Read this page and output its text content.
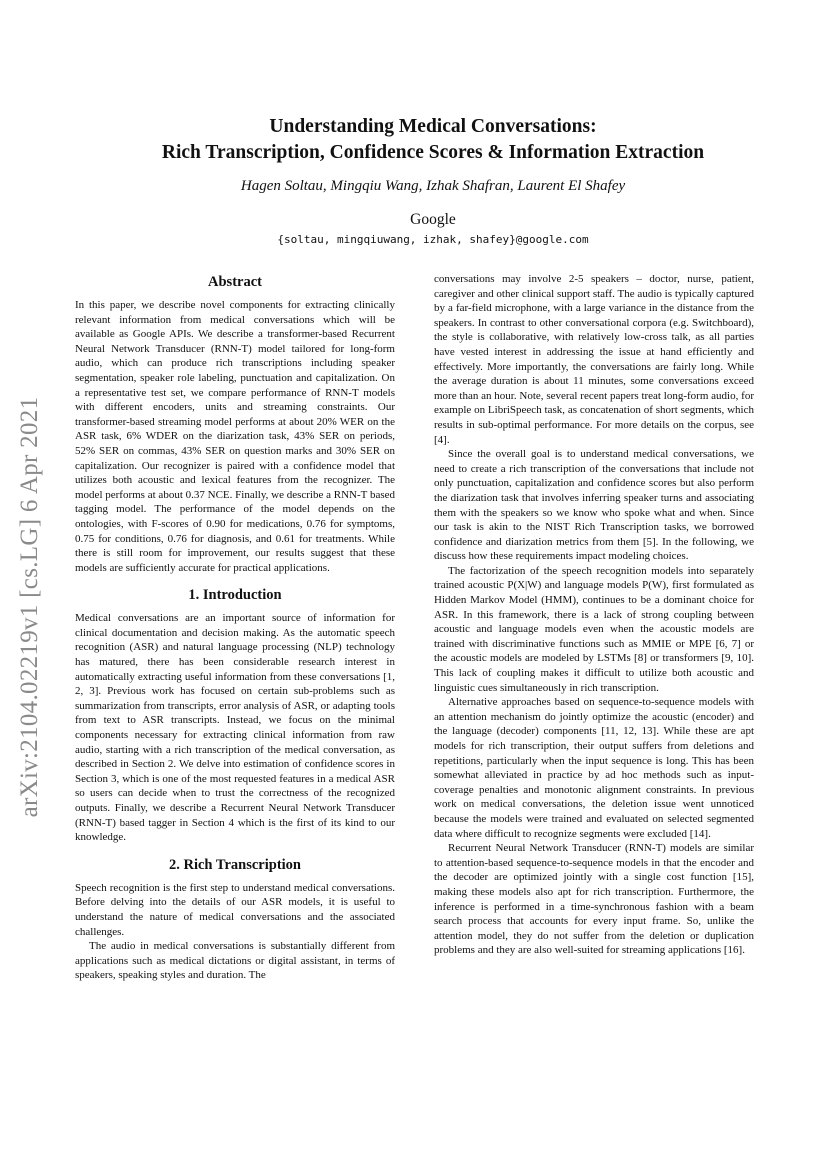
arXiv:2104.02219v1 [cs.LG] 6 Apr 2021
Understanding Medical Conversations:
Rich Transcription, Confidence Scores & Information Extraction
Hagen Soltau, Mingqiu Wang, Izhak Shafran, Laurent El Shafey
Google
{soltau, mingqiuwang, izhak, shafey}@google.com
Abstract

In this paper, we describe novel components for extracting clinically relevant information from medical conversations which will be available as Google APIs. We describe a transformer-based Recurrent Neural Network Transducer (RNN-T) model tailored for long-form audio, which can produce rich transcriptions including speaker segmentation, speaker role labeling, punctuation and capitalization. On a representative test set, we compare performance of RNN-T models with different encoders, units and streaming constraints. Our transformer-based streaming model performs at about 20% WER on the ASR task, 6% WDER on the diarization task, 43% SER on periods, 52% SER on commas, 43% SER on question marks and 30% SER on capitalization. Our recognizer is paired with a confidence model that utilizes both acoustic and lexical features from the recognizer. The model performs at about 0.37 NCE. Finally, we describe a RNN-T based tagging model. The performance of the model depends on the ontologies, with F-scores of 0.90 for medications, 0.76 for symptoms, 0.75 for conditions, 0.76 for diagnosis, and 0.61 for treatments. While there is still room for improvement, our results suggest that these models are sufficiently accurate for practical applications.

1. Introduction

Medical conversations are an important source of information for clinical documentation and decision making. As the automatic speech recognition (ASR) and natural language processing (NLP) technology has matured, there has been considerable research interest in automatically extracting useful information from these conversations [1, 2, 3]. Previous work has focused on certain sub-problems such as summarization from transcripts, error analysis of ASR, or adapting tools from text to ASR transcripts. Instead, we focus on the minimal components necessary for extracting clinical information from raw audio, starting with a rich transcription of the medical conversation, as described in Section 2. We delve into estimation of confidence scores in Section 3, which is one of the most requested features in a medical ASR so users can decide when to trust the correctness of the recognized outputs. Finally, we describe a Recurrent Neural Network Transducer (RNN-T) based tagger in Section 4 which is the first of its kind to our knowledge.

2. Rich Transcription

Speech recognition is the first step to understand medical conversations. Before delving into the details of our ASR models, it is useful to understand the nature of medical conversations and the associated challenges.

The audio in medical conversations is substantially different from applications such as medical dictations or digital assistant, in terms of speakers, speaking styles and duration. The

conversations may involve 2-5 speakers – doctor, nurse, patient, caregiver and other clinical support staff. The audio is typically captured by a far-field microphone, with a large variance in the distance from the speakers. In contrast to other conversational corpora (e.g. Switchboard), the style is collaborative, with relatively low-cross talk, as all parties have vested interest in addressing the issue at hand efficiently and effectively. More importantly, the conversations are fairly long. While the average duration is about 11 minutes, some conversations exceed more than an hour. Note, several recent papers treat long-form audio, for example on LibriSpeech task, as concatenation of short segments, which results in sub-optimal performance. For more details on the corpus, see [4].

Since the overall goal is to understand medical conversations, we need to create a rich transcription of the conversations that include not only punctuation, capitalization and confidence scores but also perform the diarization task that involves inferring speaker turns and associating them with the speakers so we know who spoke what and when. Since our task is akin to the NIST Rich Transcription tasks, we borrowed confidence and diarization metrics from them [5]. In the following, we discuss how these requirements impact modeling choices.

The factorization of the speech recognition models into separately trained acoustic P(X|W) and language models P(W), first formulated as Hidden Markov Model (HMM), continues to be a dominant choice for ASR. In this framework, there is a lack of strong coupling between acoustic and language models even when the acoustic models are trained with discriminative functions such as MMIE or MPE [6, 7] or the acoustic models are modeled by LSTMs [8] or transformers [9, 10]. This lack of coupling makes it difficult to utilize both acoustic and linguistic cues simultaneously in rich transcription.

Alternative approaches based on sequence-to-sequence models with an attention mechanism do jointly optimize the acoustic (encoder) and the language (decoder) components [11, 12, 13]. While these are apt models for rich transcription, their output suffers from deletions and repetitions, particularly when the input sequence is long. This has been somewhat alleviated in practice by ad hoc methods such as input-coverage penalties and monotonic alignment constraints. In previous work on medical conversations, the deletion issue went unnoticed because the models were trained and evaluated on selected segmented data where difficult to recognize segments were excluded [14].

Recurrent Neural Network Transducer (RNN-T) models are similar to attention-based sequence-to-sequence models in that the encoder and the decoder are optimized jointly with a single cost function [15], making these models also apt for rich transcription. Furthermore, the inference is performed in a time-synchronous fashion with a beam search process that accounts for every input frame. So, unlike the attention model, they do not suffer from the deletion or duplication problems and they are also well-suited for streaming applications [16].
